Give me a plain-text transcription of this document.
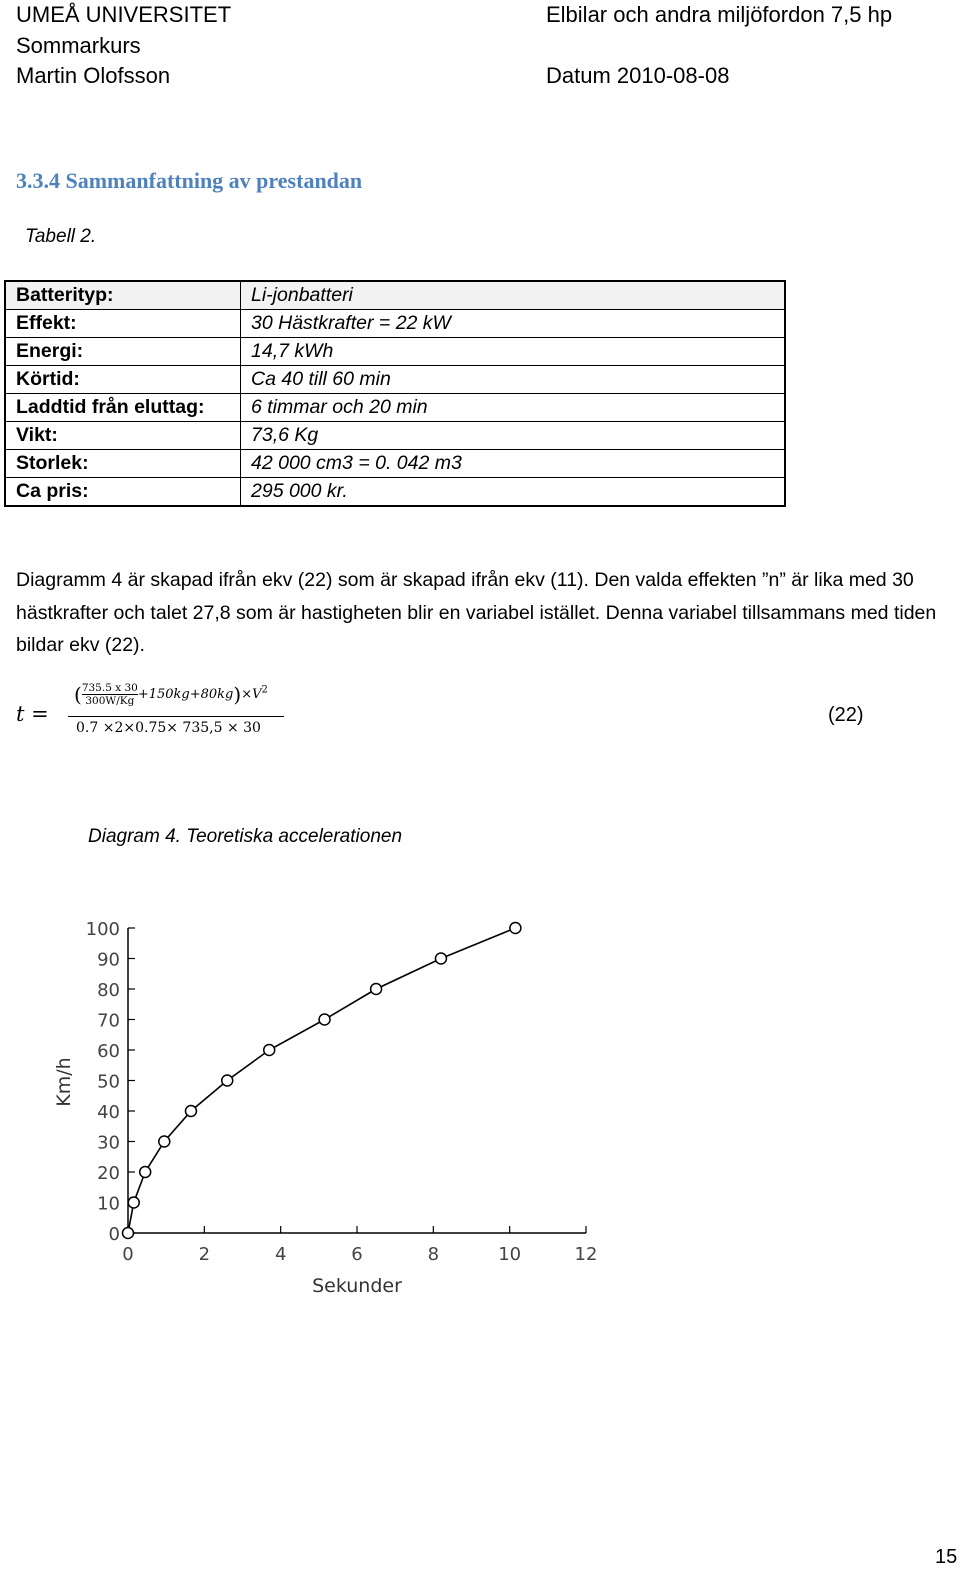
UMEÅ UNIVERSITET
Sommarkurs
Martin Olofsson
Elbilar och andra miljöfordon 7,5 hp
Datum 2010-08-08
3.3.4 Sammanfattning av prestandan
Tabell 2.
Batterityp:	Li-jonbatteri
Effekt:	30 Hästkrafter = 22 kW
Energi:	14,7 kWh
Körtid:	Ca 40 till 60 min
Laddtid från eluttag:	6 timmar och 20 min
Vikt:	73,6 Kg
Storlek:	42 000 cm3 = 0. 042 m3
Ca pris:	295 000 kr.
Diagramm 4 är skapad ifrån ekv (22) som är skapad ifrån ekv (11). Den valda effekten ”n” är lika med 30 hästkrafter och talet 27,8 som är hastigheten blir en variabel istället. Denna variabel tillsammans med tiden bildar ekv (22).
t =
( $\frac{735.5 x 30}{300W/Kg}+150kg+80kg)\times V^2$
0.7 ×2×0.75× 735,5 × 30
(22)
Diagram 4. Teoretiska accelerationen
0	2	4	6	8	10	12
0
10
20
30
40
50
60
70
80
90
100
Sekunder
Km/h
15
